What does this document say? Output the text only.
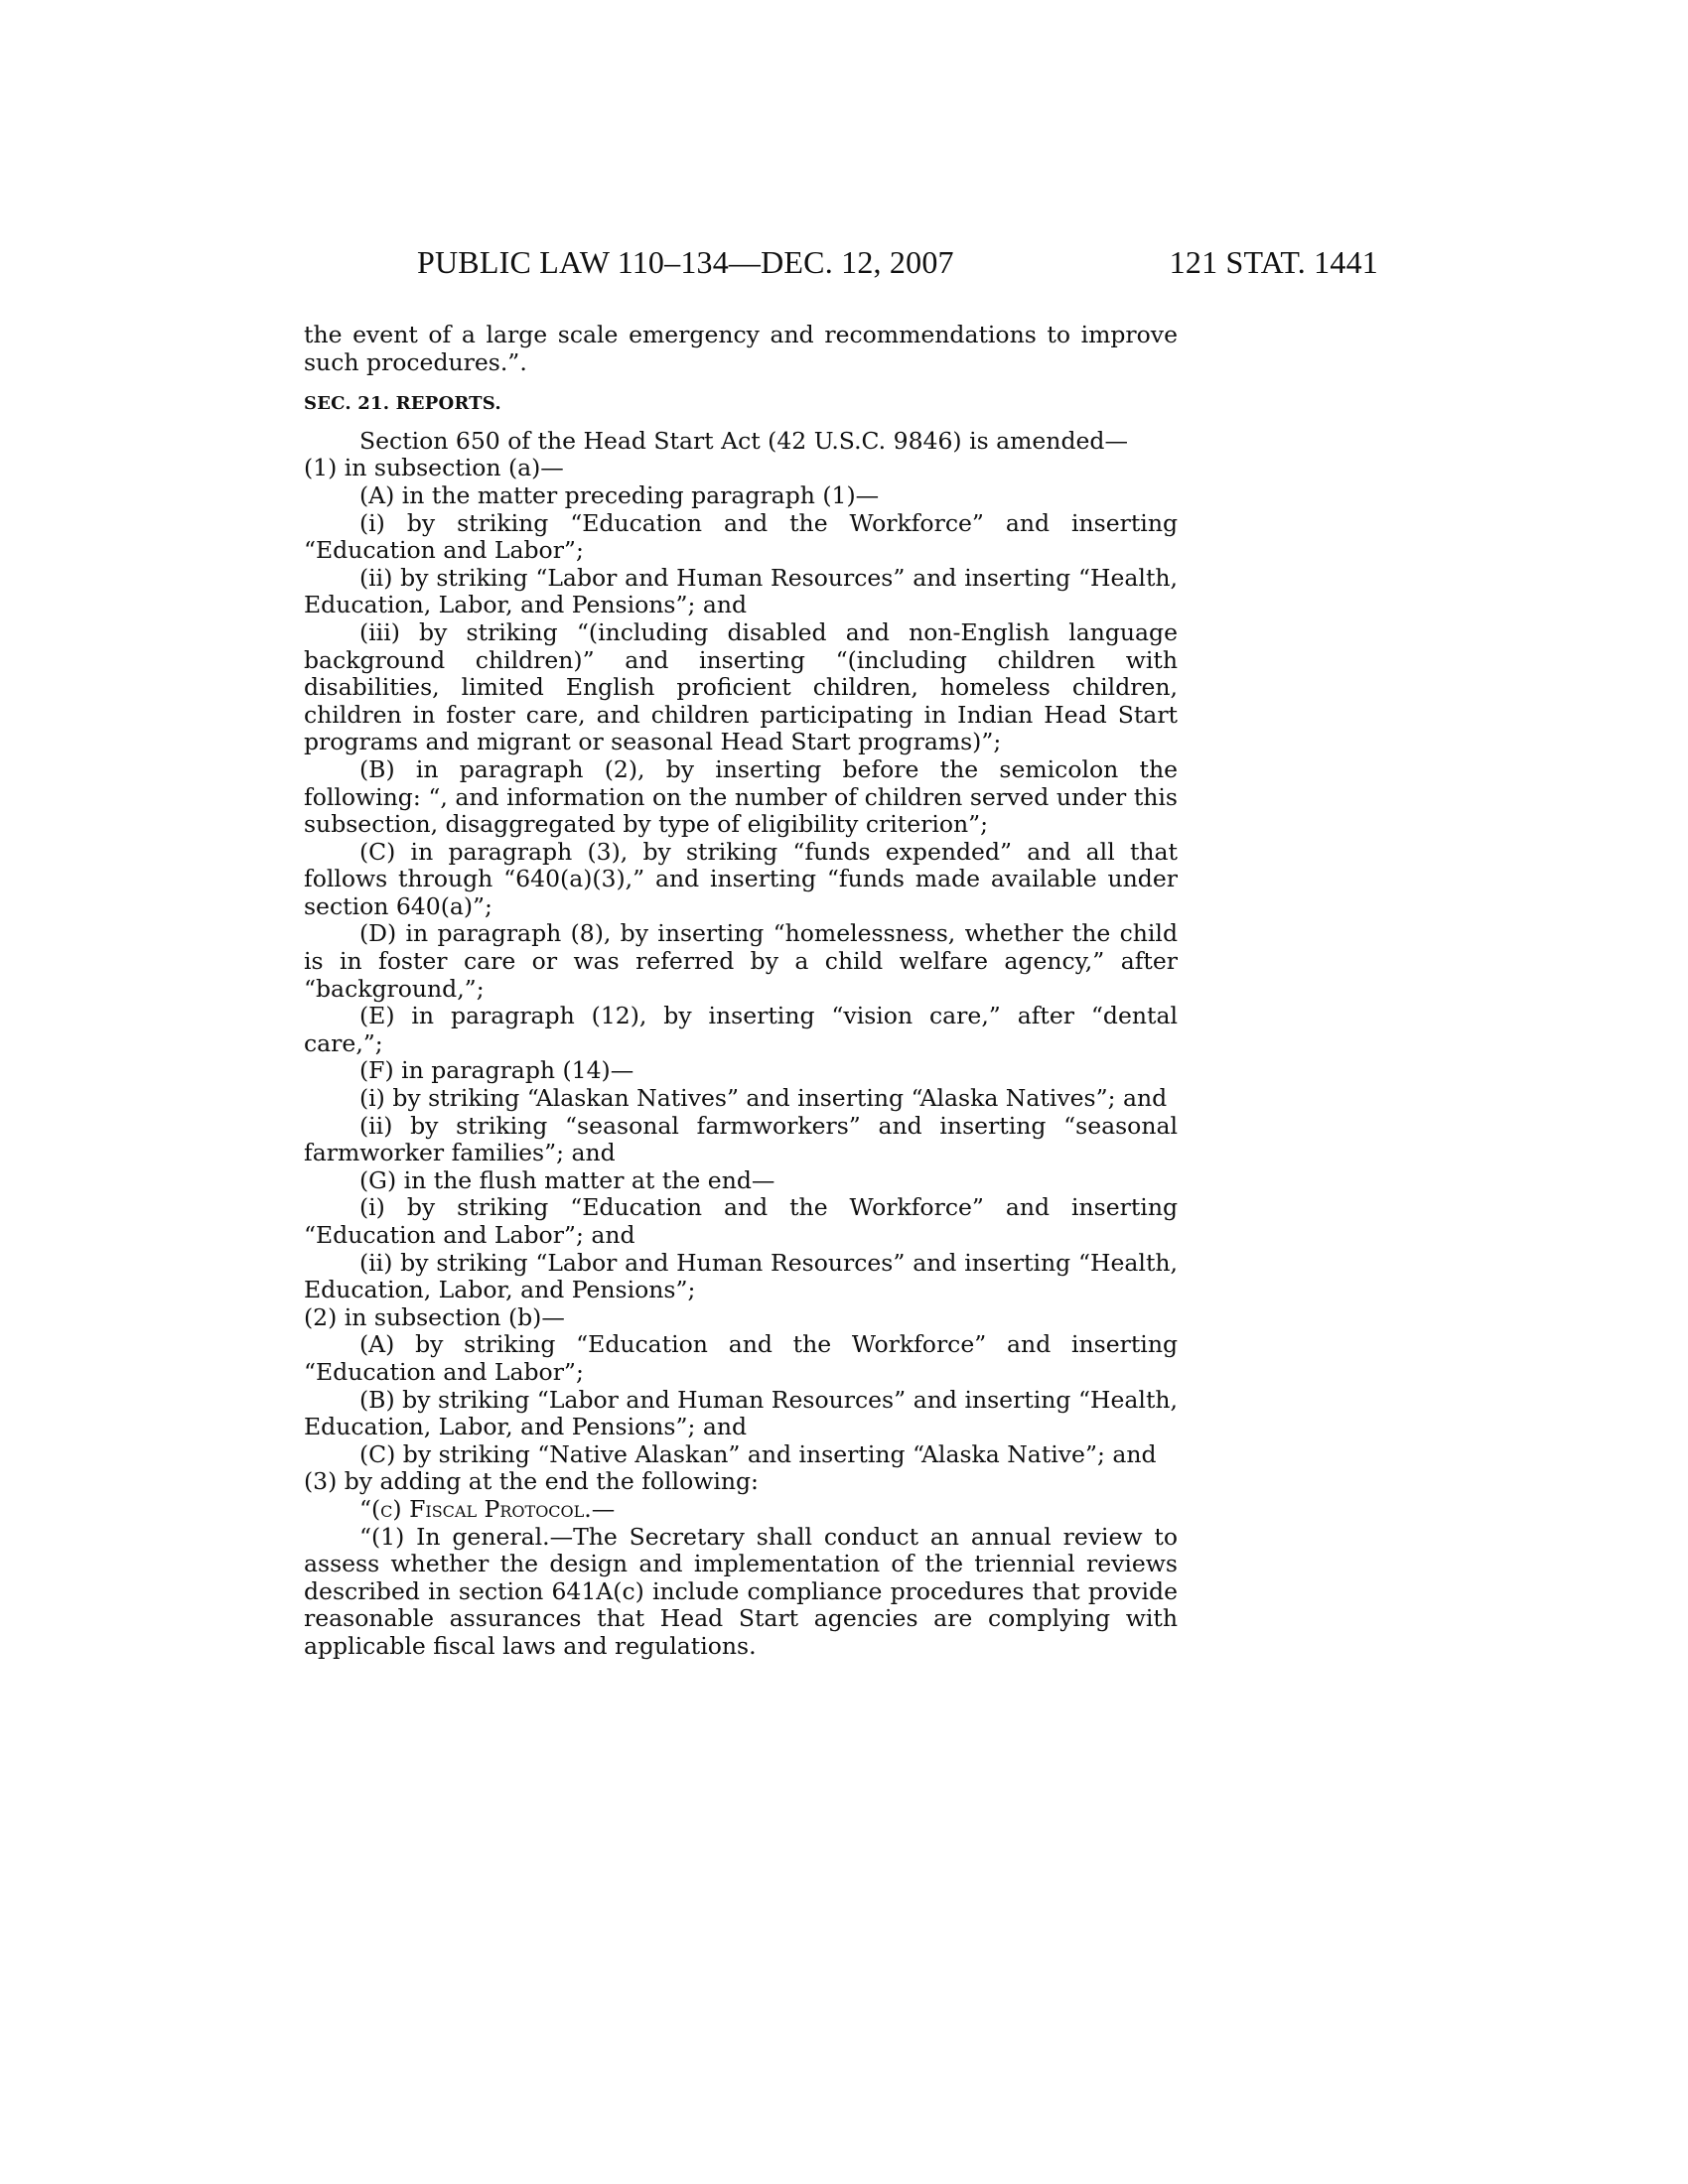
PUBLIC LAW 110–134—DEC. 12, 2007	121 STAT. 1441

the event of a large scale emergency and recommendations to improve such procedures.”.

SEC. 21. REPORTS.

Section 650 of the Head Start Act (42 U.S.C. 9846) is amended—

(1) in subsection (a)—

(A) in the matter preceding paragraph (1)—

(i) by striking “Education and the Workforce” and inserting “Education and Labor”;

(ii) by striking “Labor and Human Resources” and inserting “Health, Education, Labor, and Pensions”; and

(iii) by striking “(including disabled and non-English language background children)” and inserting “(including children with disabilities, limited English proficient children, homeless children, children in foster care, and children participating in Indian Head Start programs and migrant or seasonal Head Start programs)”;

(B) in paragraph (2), by inserting before the semicolon the following: “, and information on the number of children served under this subsection, disaggregated by type of eligibility criterion”;

(C) in paragraph (3), by striking “funds expended” and all that follows through “640(a)(3),” and inserting “funds made available under section 640(a)”;

(D) in paragraph (8), by inserting “homelessness, whether the child is in foster care or was referred by a child welfare agency,” after “background,”;

(E) in paragraph (12), by inserting “vision care,” after “dental care,”;

(F) in paragraph (14)—

(i) by striking “Alaskan Natives” and inserting “Alaska Natives”; and

(ii) by striking “seasonal farmworkers” and inserting “seasonal farmworker families”; and

(G) in the flush matter at the end—

(i) by striking “Education and the Workforce” and inserting “Education and Labor”; and

(ii) by striking “Labor and Human Resources” and inserting “Health, Education, Labor, and Pensions”;

(2) in subsection (b)—

(A) by striking “Education and the Workforce” and inserting “Education and Labor”;

(B) by striking “Labor and Human Resources” and inserting “Health, Education, Labor, and Pensions”; and

(C) by striking “Native Alaskan” and inserting “Alaska Native”; and

(3) by adding at the end the following:

“(c) Fiscal Protocol.—

“(1) In general.—The Secretary shall conduct an annual review to assess whether the design and implementation of the triennial reviews described in section 641A(c) include compliance procedures that provide reasonable assurances that Head Start agencies are complying with applicable fiscal laws and regulations.
